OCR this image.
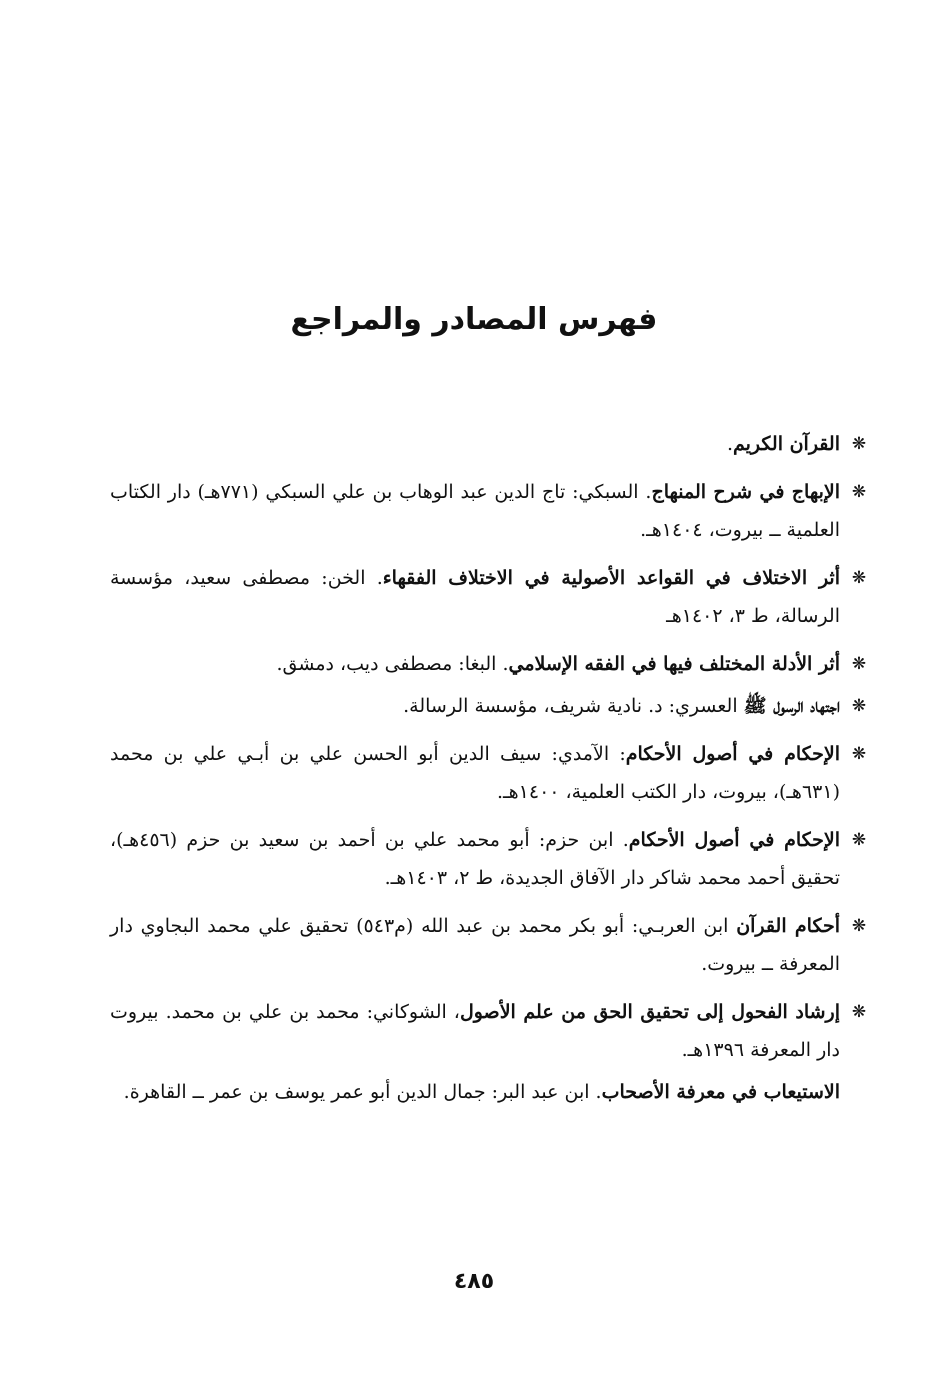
فهرس المصادر والمراجع
❋
القرآن الكريم.
❋
الإبهاج في شرح المنهاج. السبكي: تاج الدين عبد الوهاب بن علي السبكي (٧٧١هـ) دار الكتاب العلمية ــ بيروت، ١٤٠٤هـ.
❋
أثر الاختلاف في القواعد الأصولية في الاختلاف الفقهاء. الخن: مصطفى سعيد، مؤسسة الرسالة، ط ٣، ١٤٠٢هـ
❋
أثر الأدلة المختلف فيها في الفقه الإسلامي. البغا: مصطفى ديب، دمشق.
❋
اجتهاد الرسول ﷺ العسري: د. نادية شريف، مؤسسة الرسالة.
❋
الإحكام في أصول الأحكام: الآمدي: سيف الدين أبو الحسن علي بن أبـي علي بن محمد (٦٣١هـ)، بيروت، دار الكتب العلمية، ١٤٠٠هـ.
❋
الإحكام في أصول الأحكام. ابن حزم: أبو محمد علي بن أحمد بن سعيد بن حزم (٤٥٦هـ)، تحقيق أحمد محمد شاكر دار الآفاق الجديدة، ط ٢، ١٤٠٣هـ.
❋
أحكام القرآن ابن العربـي: أبو بكر محمد بن عبد الله (م٥٤٣) تحقيق علي محمد البجاوي دار المعرفة ــ بيروت.
❋
إرشاد الفحول إلى تحقيق الحق من علم الأصول، الشوكاني: محمد بن علي بن محمد. بيروت دار المعرفة ١٣٩٦هـ.
الاستيعاب في معرفة الأصحاب. ابن عبد البر: جمال الدين أبو عمر يوسف بن عمر ــ القاهرة.
٤٨٥
